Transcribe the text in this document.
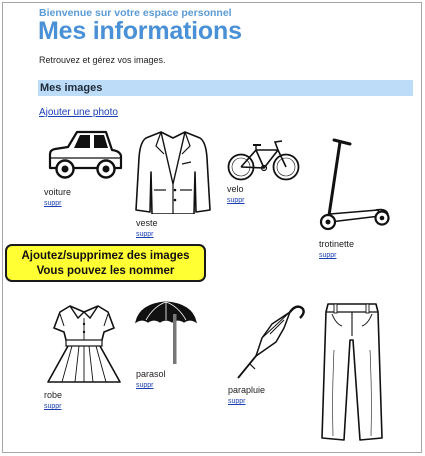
Bienvenue sur votre espace personnel
Mes informations
Retrouvez et gérez vos images.
Mes images
Ajouter une photo
voiture
suppr
veste
suppr
velo
suppr
trotinette
suppr
Ajoutez/supprimez des images
Vous pouvez les nommer
robe
suppr
parasol
suppr	parapluie
suppr
